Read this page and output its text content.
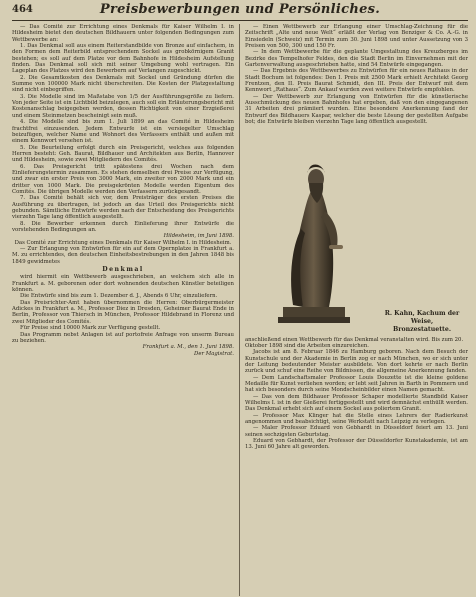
464	Preisbewerbungen und Persönliches.

— Das Comité zur Errichtung eines Denkmals für Kaiser Wilhelm I. in Hildesheim bietet den deutschen Bildhauern unter folgenden Bedingungen zum Wettbewerbe an:

1. Das Denkmal soll aus einem Reiterstandbilde von Bronze auf einfachem, in den Formen dem Reiterbild entsprechendem Sockel aus grobkörnigem Granit bestehen; es soll auf dem Platze vor dem Bahnhofe in Hildesheim Aufstellung finden. Das Denkmal soll sich mit seiner Umgebung wohl vertragen. Ein Lageplan des Platzes wird den Bewerbern auf Verlangen zugeschickt.

2. Die Gesamtkosten des Denkmals mit Sockel und Gründung dürfen die Summe von 100000 Mark nicht überschreiten. Die Kosten der Platzgestaltung sind nicht einbegriffen.

3. Die Modelle sind im Maßstabe von 1/5 der Ausführungsgröße zu liefern. Von jeder Seite ist ein Lichtbild beizulegen, auch soll ein Erläuterungsbericht mit Kostenanschlag beigegeben werden, dessen Richtigkeit von einer Erzgießerei und einem Steinmetzen bescheinigt sein muß.

4. Die Modelle sind bis zum 1. Juli 1899 an das Comité in Hildesheim frachtfrei einzusenden. Jedem Entwurfe ist ein versiegelter Umschlag beizufügen, welcher Name und Wohnort des Verfassers enthält und außen mit einem Kennwort versehen ist.

5. Die Beurteilung erfolgt durch ein Preisgericht, welches aus folgenden Herren besteht: Geh. Baurat, Bildhauer und Architekten aus Berlin, Hannover und Hildesheim, sowie zwei Mitgliedern des Comités.

6. Das Preisgericht tritt spätestens drei Wochen nach dem Einlieferungstermin zusammen. Es stehen demselben drei Preise zur Verfügung, und zwar ein erster Preis von 3000 Mark, ein zweiter von 2000 Mark und ein dritter von 1000 Mark. Die preisgekrönten Modelle werden Eigentum des Comités. Die übrigen Modelle werden den Verfassern zurückgesandt.

7. Das Comité behält sich vor, dem Preisträger des ersten Preises die Ausführung zu übertragen, ist jedoch an das Urteil des Preisgerichts nicht gebunden. Sämtliche Entwürfe werden nach der Entscheidung des Preisgerichts vierzehn Tage lang öffentlich ausgestellt.

8. Die Bewerber erkennen durch Einlieferung ihrer Entwürfe die vorstehenden Bedingungen an.

Hildesheim, im Juni 1898.

Das Comité zur Errichtung eines Denkmals für Kaiser Wilhelm I. in Hildesheim.

— Zur Erlangung von Entwürfen für ein auf dem Opernplatze in Frankfurt a. M. zu errichtendes, den deutschen Einheitsbestrebungen in den Jahren 1848 bis 1849 gewidmetes

Denkmal

wird hiermit ein Wettbewerb ausgeschrieben, an welchem sich alle in Frankfurt a. M. geborenen oder dort wohnenden deutschen Künstler beteiligen können.

Die Entwürfe sind bis zum 1. Dezember d. J., Abends 6 Uhr, einzuliefern.

Das Preisrichter-Amt haben übernommen die Herren: Oberbürgermeister Adickes in Frankfurt a. M., Professor Diez in Dresden, Geheimer Baurat Ende in Berlin, Professor von Thiersch in München, Professor Hildebrand in Florenz und zwei Mitglieder des Comités.

Für Preise sind 10000 Mark zur Verfügung gestellt.

Das Programm nebst Anlagen ist auf portofreie Anfrage von unserm Bureau zu beziehen.

Frankfurt a. M., den 1. Juni 1898.

Der Magistrat.

— Einen Wettbewerb zur Erlangung einer Umschlag-Zeichnung für die Zeitschrift „Alte und neue Welt“ erläßt der Verlag von Benziger & Co. A.-G. in Einsiedeln (Schweiz) mit Termin zum 30. Juni 1898 und unter Aussetzung von 3 Preisen von 500, 300 und 150 Fr.

— In dem Wettbewerbe für die geplante Umgestaltung des Kreuzberges im Bezirke des Tempelhofer Feldes, den die Stadt Berlin im Einvernehmen mit der Gartenverwaltung ausgeschrieben hatte, sind 54 Entwürfe eingegangen.

— Das Ergebnis des Wettbewerbes zu Entwürfen für ein neues Rathaus in der Stadt Bochum ist folgendes: Den I. Preis mit 2500 Mark erhielt Architekt Georg Frentzen, den II. Preis Baurat Schmidt, den III. Preis der Entwurf mit dem Kennwort „Rathaus“. Zum Ankauf wurden zwei weitere Entwürfe empfohlen.

— Der Wettbewerb zur Erlangung von Entwürfen für die künstlerische Ausschmückung des neuen Bahnhofes hat ergeben, daß von den eingegangenen 31 Arbeiten drei prämiiert wurden. Eine besondere Anerkennung fand der Entwurf des Bildhauers Kaspar, welcher die beste Lösung der gestellten Aufgabe bot; die Entwürfe bleiben vierzehn Tage lang öffentlich ausgestellt.

R. Kahn, Kachum der Weise,
Bronzestatuette.

anschließend einen Wettbewerb für das Denkmal veranstalten wird. Bis zum 20. Oktober 1898 sind die Arbeiten einzureichen.

Jacobs ist am 8. Februar 1846 zu Hamburg geboren. Nach dem Besuch der Kunstschule und der Akademie in Berlin zog er nach München, wo er sich unter der Leitung bedeutender Meister ausbildete. Von dort kehrte er nach Berlin zurück und schuf eine Reihe von Bildnissen, die allgemeine Anerkennung fanden.

— Dem Landschaftsmaler Professor Louis Douzette ist die kleine goldene Medaille für Kunst verliehen worden; er lebt seit Jahren in Barth in Pommern und hat sich besonders durch seine Mondscheinbilder einen Namen gemacht.

— Das von dem Bildhauer Professor Schaper modellierte Standbild Kaiser Wilhelms I. ist in der Gießerei fertiggestellt und wird demnächst enthüllt werden. Das Denkmal erhebt sich auf einem Sockel aus poliertem Granit.

— Professor Max Klinger hat die Stelle eines Lehrers der Radierkunst angenommen und beabsichtigt, seine Werkstatt nach Leipzig zu verlegen.

— Maler Professor Eduard von Gebhardt in Düsseldorf feiert am 13. Juni seinen sechzigsten Geburtstag.

Eduard von Gebhardt, der Professor der Düsseldorfer Kunstakademie, ist am 13. Juni 60 Jahre alt geworden.
